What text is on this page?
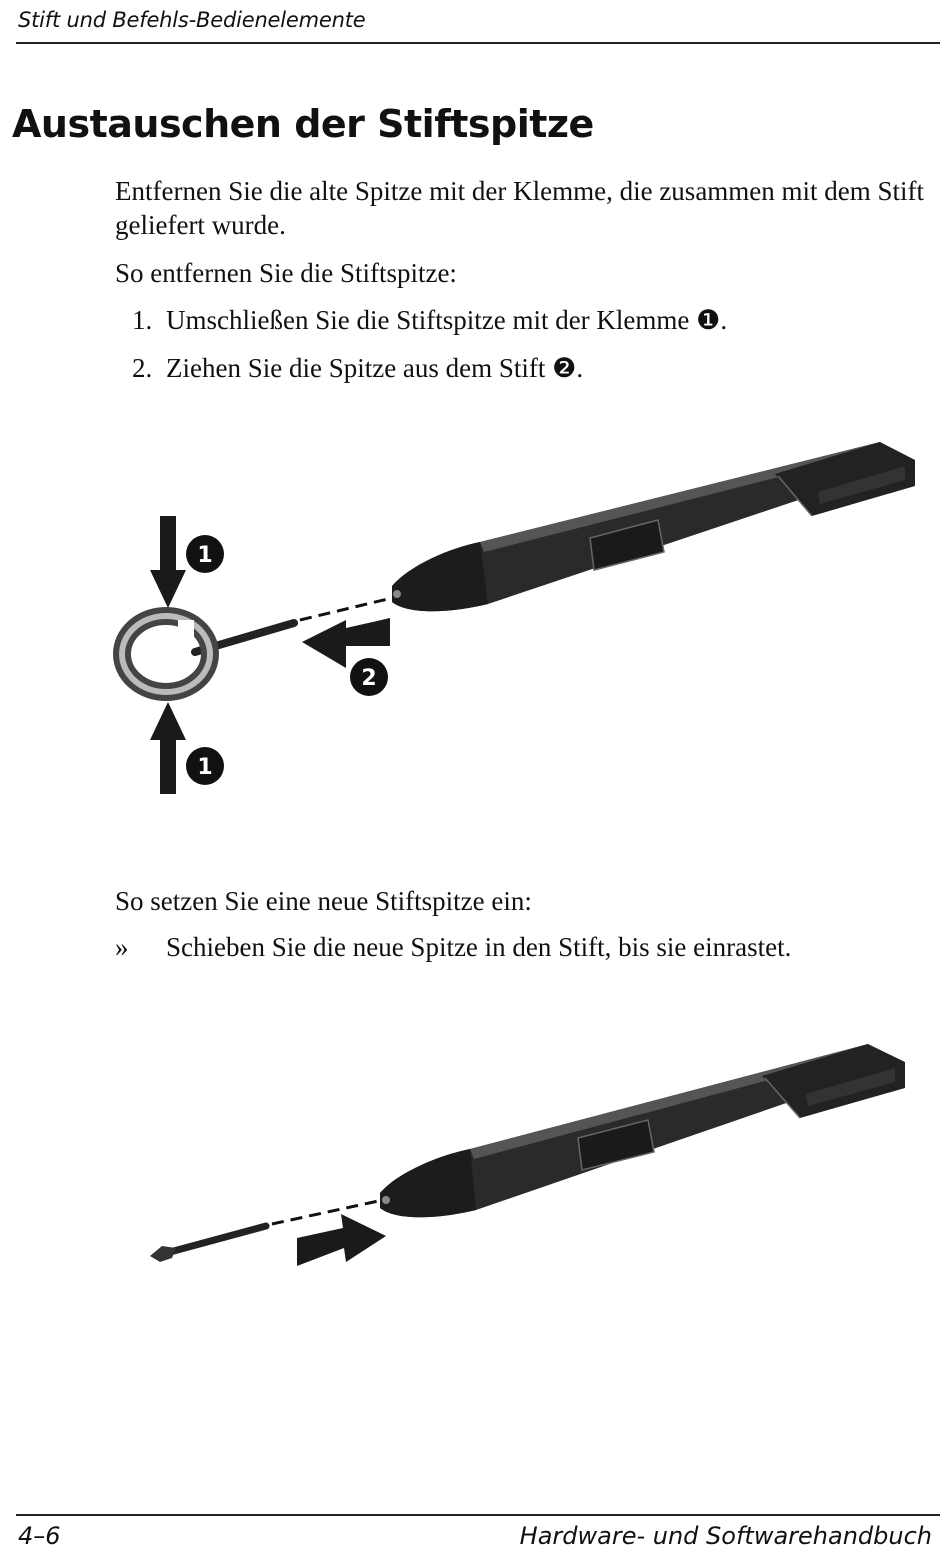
Stift und Befehls-Bedienelemente
Austauschen der Stiftspitze
Entfernen Sie die alte Spitze mit der Klemme, die zusammen mit dem Stift geliefert wurde.
So entfernen Sie die Stiftspitze:
1. Umschließen Sie die Stiftspitze mit der Klemme ❶.
2. Ziehen Sie die Spitze aus dem Stift ❷.
1
1
2
So setzen Sie eine neue Stiftspitze ein:
» Schieben Sie die neue Spitze in den Stift, bis sie einrastet.
4–6	Hardware- und Softwarehandbuch
